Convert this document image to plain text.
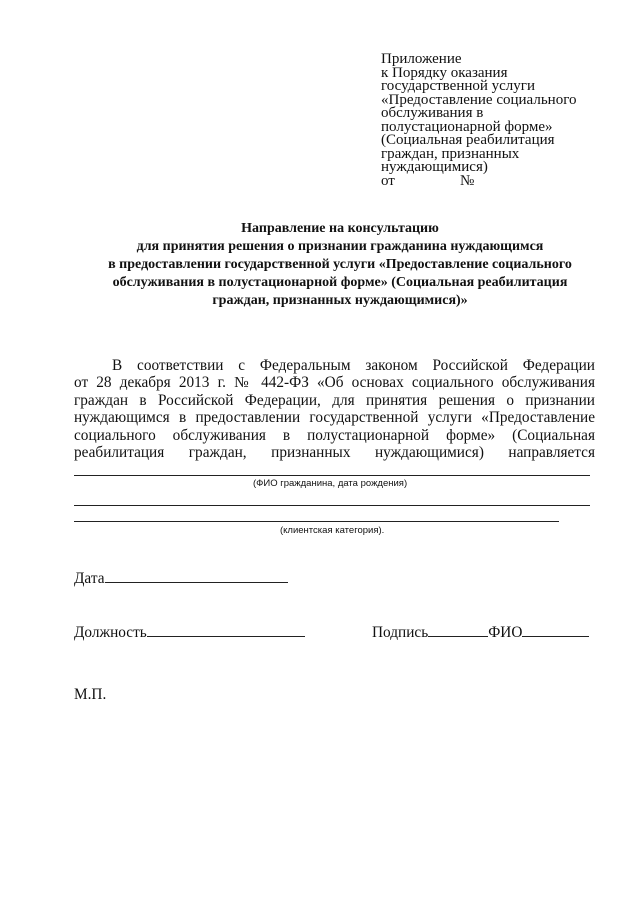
Приложение
к Порядку оказания
государственной услуги
«Предоставление социального
обслуживания в
полустационарной форме»
(Социальная реабилитация
граждан, признанных
нуждающимися)
от	№
Направление на консультацию
для принятия решения о признании гражданина нуждающимся
в предоставлении государственной услуги «Предоставление социального
обслуживания в полустационарной форме» (Социальная реабилитация
граждан, признанных нуждающимися)»
В соответствии с Федеральным законом Российской Федерации
от 28 декабря 2013 г. № 442-ФЗ «Об основах социального обслуживания
граждан в Российской Федерации, для принятия решения о признании
нуждающимся в предоставлении государственной услуги «Предоставление
социального обслуживания в полустационарной форме» (Социальная
реабилитация граждан, признанных нуждающимися) направляется
(ФИО гражданина, дата рождения)
(клиентская категория).
Дата
Должность	Подпись	ФИО
М.П.
